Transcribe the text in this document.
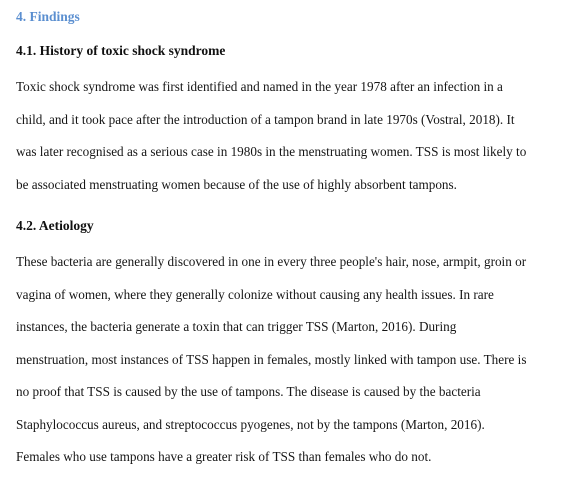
4. Findings
4.1. History of toxic shock syndrome
Toxic shock syndrome was first identified and named in the year 1978 after an infection in a
child, and it took pace after the introduction of a tampon brand in late 1970s (Vostral, 2018). It
was later recognised as a serious case in 1980s in the menstruating women. TSS is most likely to
be associated menstruating women because of the use of highly absorbent tampons.
4.2. Aetiology
These bacteria are generally discovered in one in every three people's hair, nose, armpit, groin or
vagina of women, where they generally colonize without causing any health issues. In rare
instances, the bacteria generate a toxin that can trigger TSS (Marton, 2016). During
menstruation, most instances of TSS happen in females, mostly linked with tampon use. There is
no proof that TSS is caused by the use of tampons. The disease is caused by the bacteria
Staphylococcus aureus, and streptococcus pyogenes, not by the tampons (Marton, 2016).
Females who use tampons have a greater risk of TSS than females who do not.
